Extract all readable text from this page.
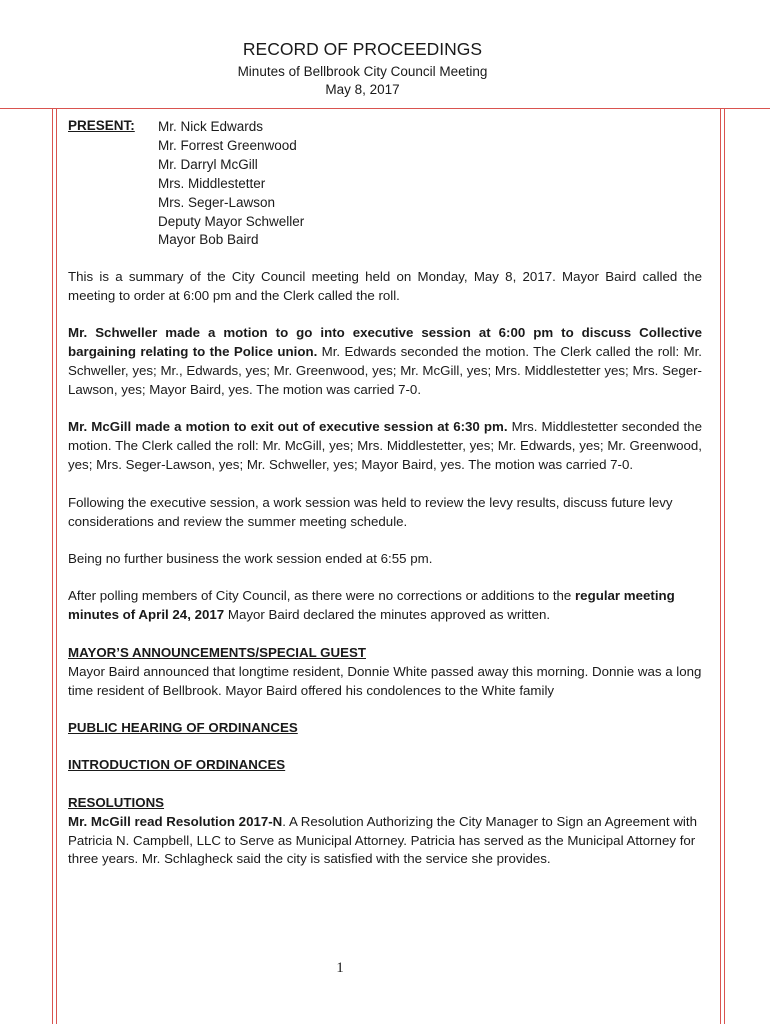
RECORD OF PROCEEDINGS
Minutes of Bellbrook City Council Meeting
May 8, 2017
PRESENT: Mr. Nick Edwards
Mr. Forrest Greenwood
Mr. Darryl McGill
Mrs. Middlestetter
Mrs. Seger-Lawson
Deputy Mayor Schweller
Mayor Bob Baird

This is a summary of the City Council meeting held on Monday, May 8, 2017. Mayor Baird called the meeting to order at 6:00 pm and the Clerk called the roll.

Mr. Schweller made a motion to go into executive session at 6:00 pm to discuss Collective bargaining relating to the Police union. Mr. Edwards seconded the motion. The Clerk called the roll: Mr. Schweller, yes; Mr., Edwards, yes; Mr. Greenwood, yes; Mr. McGill, yes; Mrs. Middlestetter yes; Mrs. Seger-Lawson, yes; Mayor Baird, yes. The motion was carried 7-0.

Mr. McGill made a motion to exit out of executive session at 6:30 pm. Mrs. Middlestetter seconded the motion. The Clerk called the roll: Mr. McGill, yes; Mrs. Middlestetter, yes; Mr. Edwards, yes; Mr. Greenwood, yes; Mrs. Seger-Lawson, yes; Mr. Schweller, yes; Mayor Baird, yes. The motion was carried 7-0.

Following the executive session, a work session was held to review the levy results, discuss future levy considerations and review the summer meeting schedule.

Being no further business the work session ended at 6:55 pm.

After polling members of City Council, as there were no corrections or additions to the regular meeting minutes of April 24, 2017 Mayor Baird declared the minutes approved as written.

MAYOR’S ANNOUNCEMENTS/SPECIAL GUEST

Mayor Baird announced that longtime resident, Donnie White passed away this morning. Donnie was a long time resident of Bellbrook. Mayor Baird offered his condolences to the White family

PUBLIC HEARING OF ORDINANCES

INTRODUCTION OF ORDINANCES

RESOLUTIONS

Mr. McGill read Resolution 2017-N. A Resolution Authorizing the City Manager to Sign an Agreement with Patricia N. Campbell, LLC to Serve as Municipal Attorney. Patricia has served as the Municipal Attorney for three years. Mr. Schlagheck said the city is satisfied with the service she provides.

1
